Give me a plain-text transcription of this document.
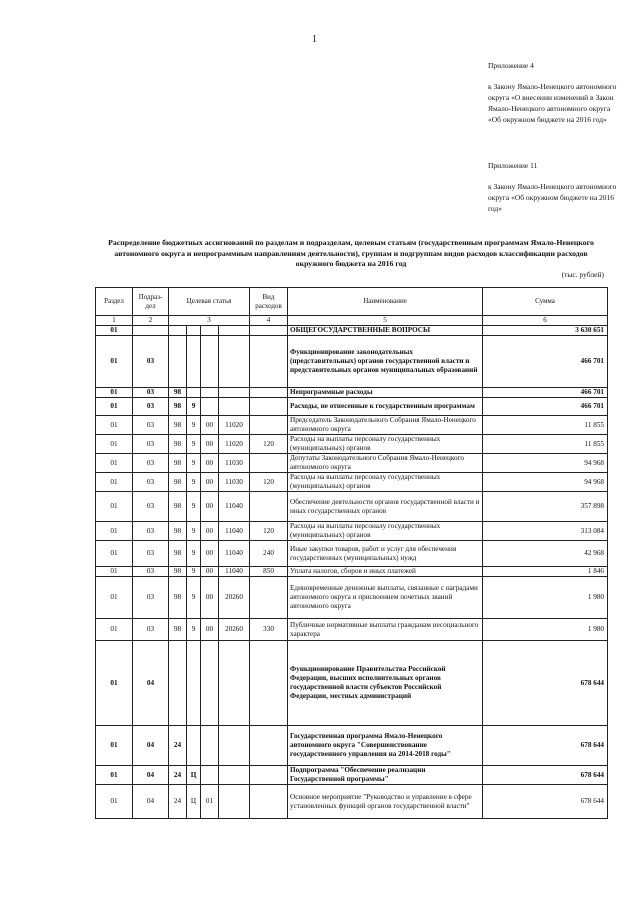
1
Приложение 4
к Закону Ямало-Ненецкого автономного округа «О внесении изменений в Закон Ямало-Ненецкого автономного округа «Об окружном бюджете на 2016 год»
Приложение 11
к Закону Ямало-Ненецкого автономного округа «Об окружном бюджете на 2016 год»
Распределение бюджетных ассигнований по разделам и подразделам, целевым статьям (государственным программам Ямало-Ненецкого автономного округа и непрограммным направлениям деятельности), группам и подгруппам видов расходов классификации расходов окружного бюджета на 2016 год
(тыс. рублей)
Раздел	Подраз-дел	Целевая статья				Вид расходов	Наименование	Сумма
1	2	3				4	5	6
01							ОБЩЕГОСУДАРСТВЕННЫЕ ВОПРОСЫ	3 630 651
01	03						Функционирование законодательных (представительных) органов государственной власти и представительных органов муниципальных образований	466 701
01	03	98					Непрограммные расходы	466 701
01	03	98	9				Расходы, не отнесенные к государственным программам	466 701
01	03	98	9	00	11020		Председатель Законодательного Собрания Ямало-Ненецкого автономного округа	11 855
01	03	98	9	00	11020	120	Расходы на выплаты персоналу государственных (муниципальных) органов	11 855
01	03	98	9	00	11030		Депутаты Законодательного Собрания Ямало-Ненецкого автономного округа	94 968
01	03	98	9	00	11030	120	Расходы на выплаты персоналу государственных (муниципальных) органов	94 968
01	03	98	9	00	11040		Обеспечение деятельности органов государственной власти и иных государственных органов	357 898
01	03	98	9	00	11040	120	Расходы на выплаты персоналу государственных (муниципальных) органов	313 084
01	03	98	9	00	11040	240	Иные закупки товаров, работ и услуг для обеспечения государственных (муниципальных) нужд	42 968
01	03	98	9	00	11040	850	Уплата налогов, сборов и иных платежей	1 846
01	03	98	9	00	20260		Единовременные денежные выплаты, связанные с наградами автономного округа и присвоением почетных званий автономного округа	1 980
01	03	98	9	00	20260	330	Публичные нормативные выплаты гражданам несоциального характера	1 980
01	04						Функционирование Правительства Российской Федерации, высших исполнительных органов государственной власти субъектов Российской Федерации, местных администраций	678 644
01	04	24					Государственная программа Ямало-Ненецкого автономного округа "Совершенствование государственного управления на 2014-2018 годы"	678 644
01	04	24	Ц				Подпрограмма "Обеспечение реализации Государственной программы"	678 644
01	04	24	Ц	01			Основное мероприятие "Руководство и управление в сфере установленных функций органов государственной власти"	678 644
